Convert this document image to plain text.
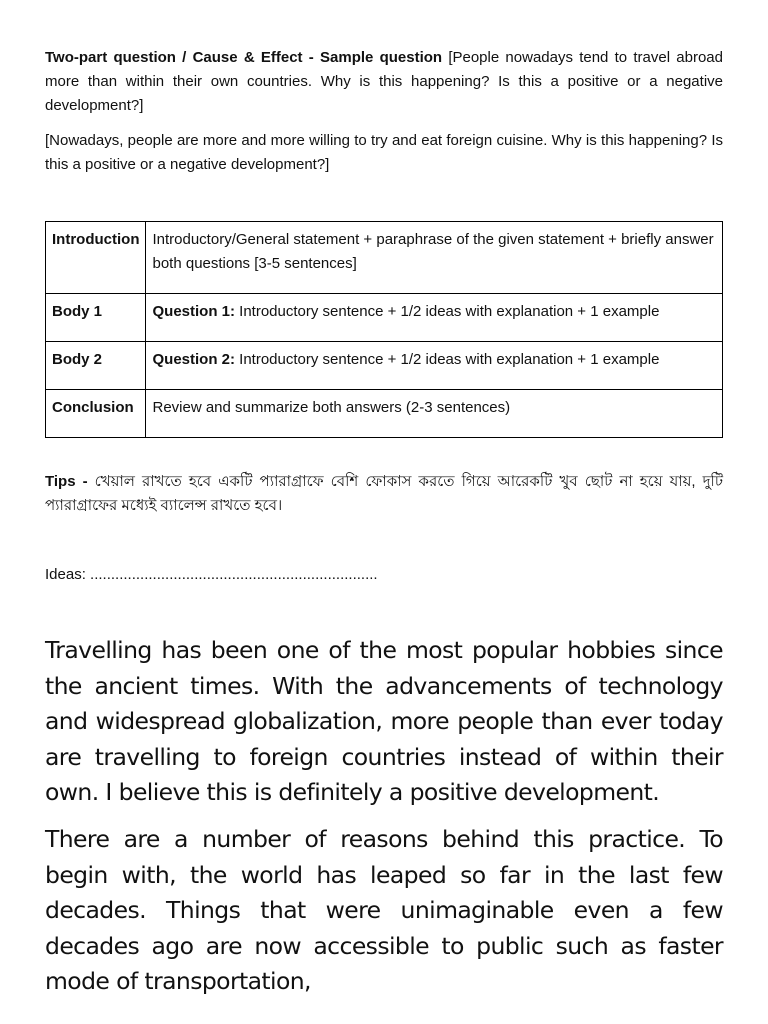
Two-part question / Cause & Effect - Sample question [People nowadays tend to travel abroad more than within their own countries. Why is this happening? Is this a positive or a negative development?]

[Nowadays, people are more and more willing to try and eat foreign cuisine. Why is this happening? Is this a positive or a negative development?]

Introduction	Introductory/General statement + paraphrase of the given statement + briefly answer both questions [3-5 sentences]
Body 1	Question 1: Introductory sentence + 1/2 ideas with explanation + 1 example
Body 2	Question 2: Introductory sentence + 1/2 ideas with explanation + 1 example
Conclusion	Review and summarize both answers (2-3 sentences)
Tips - খেয়াল রাখতে হবে একটি প্যারাগ্রাফে বেশি ফোকাস করতে গিয়ে আরেকটি খুব ছোট না হয়ে যায়, দুটি প্যারাগ্রাফের মধ্যেই ব্যালেন্স রাখতে হবে।
Ideas: .....................................................................

Travelling has been one of the most popular hobbies since the ancient times. With the advancements of technology and widespread globalization, more people than ever today are travelling to foreign countries instead of within their own. I believe this is definitely a positive development.

There are a number of reasons behind this practice. To begin with, the world has leaped so far in the last few decades. Things that were unimaginable even a few decades ago are now accessible to public such as faster mode of transportation,
